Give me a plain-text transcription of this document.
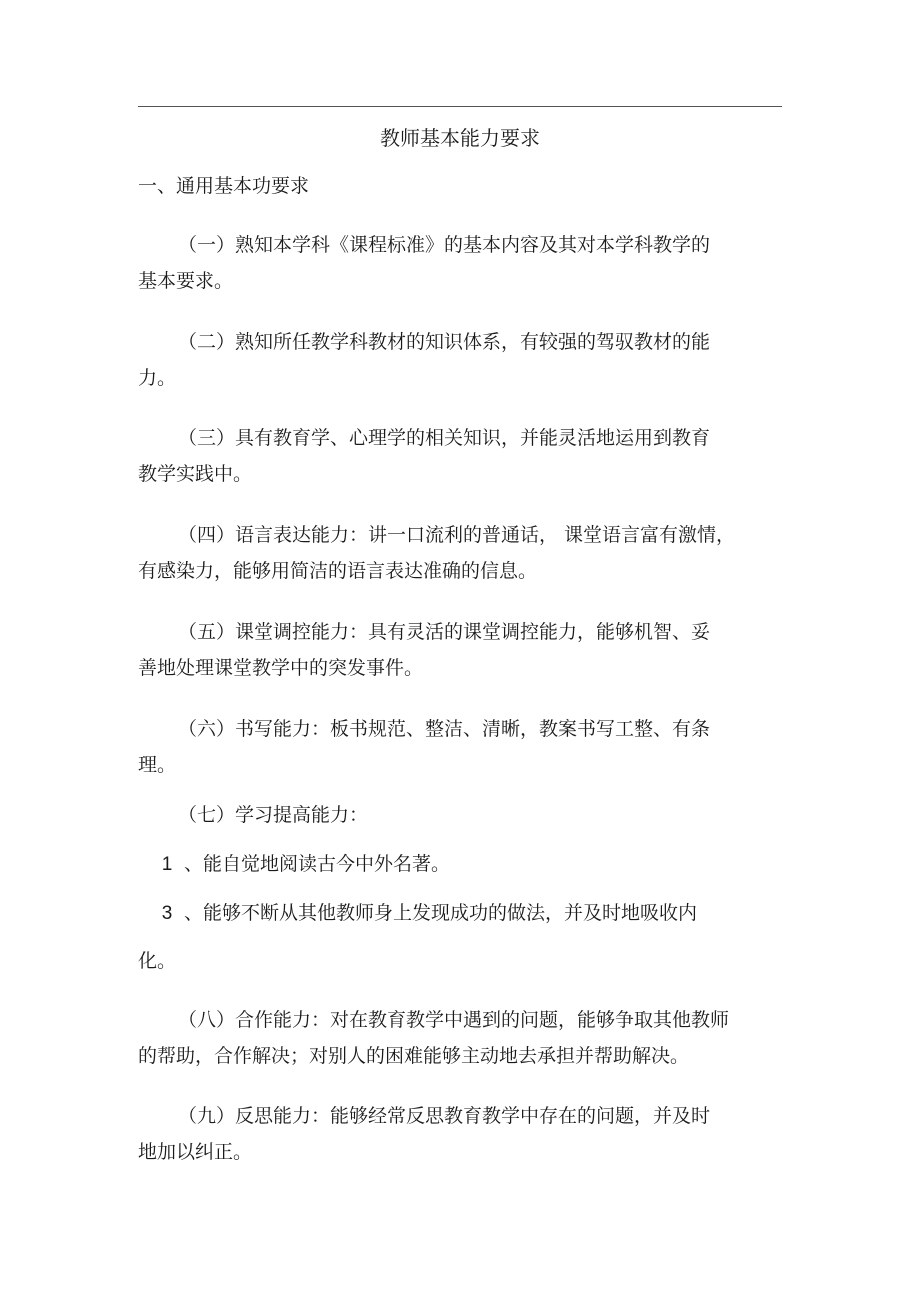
教师基本能力要求
一、通用基本功要求
（一）熟知本学科《课程标准》的基本内容及其对本学科教学的
基本要求。
（二）熟知所任教学科教材的知识体系，有较强的驾驭教材的能
力。
（三）具有教育学、心理学的相关知识，并能灵活地运用到教育
教学实践中。
（四）语言表达能力：讲一口流利的普通话， 课堂语言富有激情，
有感染力，能够用简洁的语言表达准确的信息。
（五）课堂调控能力：具有灵活的课堂调控能力，能够机智、妥
善地处理课堂教学中的突发事件。
（六）书写能力：板书规范、整洁、清晰，教案书写工整、有条
理。
（七）学习提高能力：
1 、能自觉地阅读古今中外名著。
3 、能够不断从其他教师身上发现成功的做法，并及时地吸收内
化。
（八）合作能力：对在教育教学中遇到的问题，能够争取其他教师
的帮助，合作解决；对别人的困难能够主动地去承担并帮助解决。
（九）反思能力：能够经常反思教育教学中存在的问题，并及时
地加以纠正。
